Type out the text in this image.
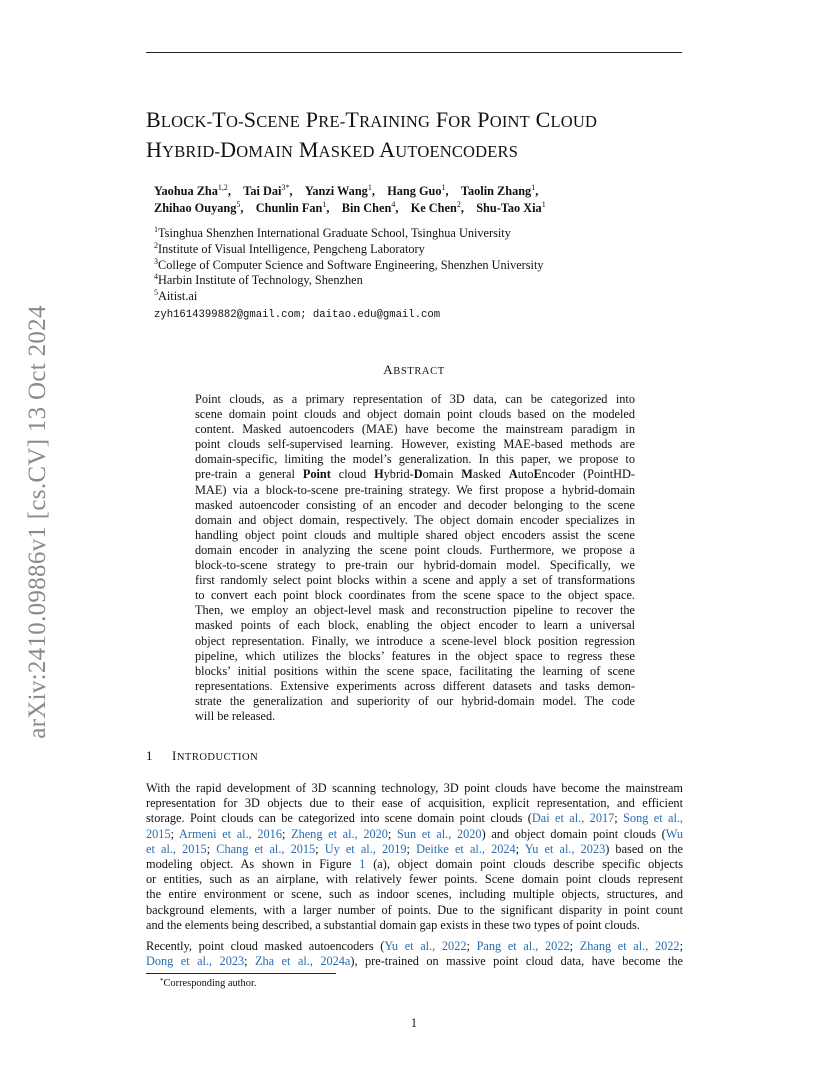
arXiv:2410.09886v1 [cs.CV] 13 Oct 2024
BLOCK-TO-SCENE PRE-TRAINING FOR POINT CLOUD
HYBRID-DOMAIN MASKED AUTOENCODERS
Yaohua Zha$^{1,2}$, Tai Dai$^{3*}$, Yanzi Wang$^1$, Hang Guo$^1$, Taolin Zhang$^1$,
Zhihao Ouyang$^5$, Chunlin Fan$^1$, Bin Chen$^4$, Ke Chen$^2$, Shu-Tao Xia$^1$
$^1$Tsinghua Shenzhen International Graduate School, Tsinghua University
$^2$Institute of Visual Intelligence, Pengcheng Laboratory
$^3$College of Computer Science and Software Engineering, Shenzhen University
$^4$Harbin Institute of Technology, Shenzhen
$^5$Aitist.ai
zyh1614399882@gmail.com; daitao.edu@gmail.com
ABSTRACT
Point clouds, as a primary representation of 3D data, can be categorized into
scene domain point clouds and object domain point clouds based on the modeled
content. Masked autoencoders (MAE) have become the mainstream paradigm in
point clouds self-supervised learning. However, existing MAE-based methods are
domain-specific, limiting the model’s generalization. In this paper, we propose to
pre-train a general Point cloud Hybrid-Domain Masked AutoEncoder (PointHD-
MAE) via a block-to-scene pre-training strategy. We first propose a hybrid-domain
masked autoencoder consisting of an encoder and decoder belonging to the scene
domain and object domain, respectively. The object domain encoder specializes in
handling object point clouds and multiple shared object encoders assist the scene
domain encoder in analyzing the scene point clouds. Furthermore, we propose a
block-to-scene strategy to pre-train our hybrid-domain model. Specifically, we
first randomly select point blocks within a scene and apply a set of transformations
to convert each point block coordinates from the scene space to the object space.
Then, we employ an object-level mask and reconstruction pipeline to recover the
masked points of each block, enabling the object encoder to learn a universal
object representation. Finally, we introduce a scene-level block position regression
pipeline, which utilizes the blocks’ features in the object space to regress these
blocks’ initial positions within the scene space, facilitating the learning of scene
representations. Extensive experiments across different datasets and tasks demon-
strate the generalization and superiority of our hybrid-domain model. The code
will be released.
1 INTRODUCTION
With the rapid development of 3D scanning technology, 3D point clouds have become the mainstream
representation for 3D objects due to their ease of acquisition, explicit representation, and efficient
storage. Point clouds can be categorized into scene domain point clouds (Dai et al., 2017; Song et al.,
2015; Armeni et al., 2016; Zheng et al., 2020; Sun et al., 2020) and object domain point clouds (Wu
et al., 2015; Chang et al., 2015; Uy et al., 2019; Deitke et al., 2024; Yu et al., 2023) based on the
modeling object. As shown in Figure 1 (a), object domain point clouds describe specific objects
or entities, such as an airplane, with relatively fewer points. Scene domain point clouds represent
the entire environment or scene, such as indoor scenes, including multiple objects, structures, and
background elements, with a larger number of points. Due to the significant disparity in point count
and the elements being described, a substantial domain gap exists in these two types of point clouds.
Recently, point cloud masked autoencoders (Yu et al., 2022; Pang et al., 2022; Zhang et al., 2022;
Dong et al., 2023; Zha et al., 2024a), pre-trained on massive point cloud data, have become the
*Corresponding author.
1
